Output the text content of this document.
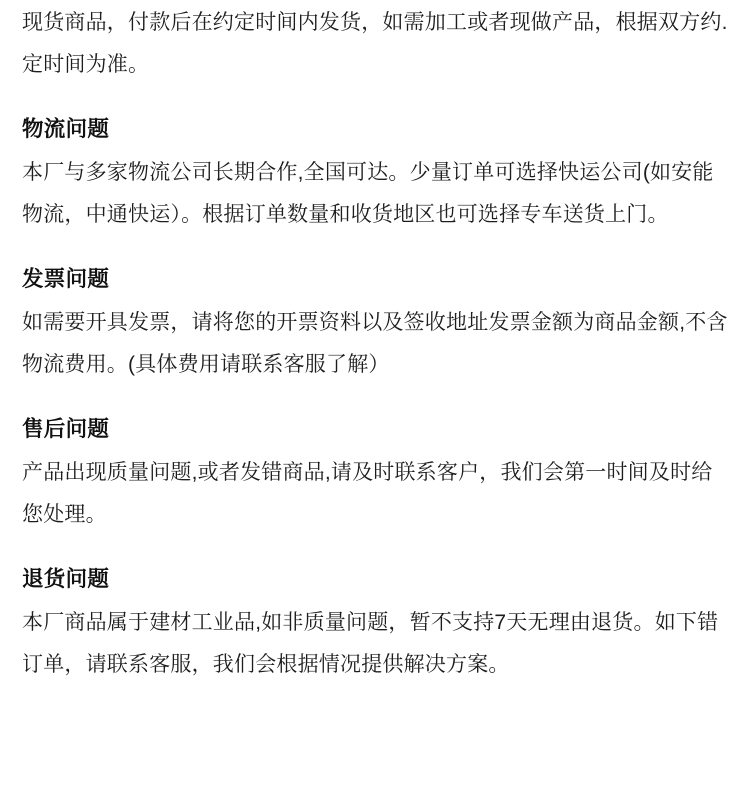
现货商品，付款后在约定时间内发货，如需加工或者现做产品，根据双方约.定时间为准。

物流问题

本厂与多家物流公司长期合作,全国可达。少量订单可选择快运公司(如安能物流，中通快运）。根据订单数量和收货地区也可选择专车送货上门。

发票问题

如需要开具发票，请将您的开票资料以及签收地址发票金额为商品金额,不含物流费用。(具体费用请联系客服了解）

售后问题

产品出现质量问题,或者发错商品,请及时联系客户，我们会第一时间及时给您处理。

退货问题

本厂商品属于建材工业品,如非质量问题，暂不支持7天无理由退货。如下错订单，请联系客服，我们会根据情况提供解决方案。
